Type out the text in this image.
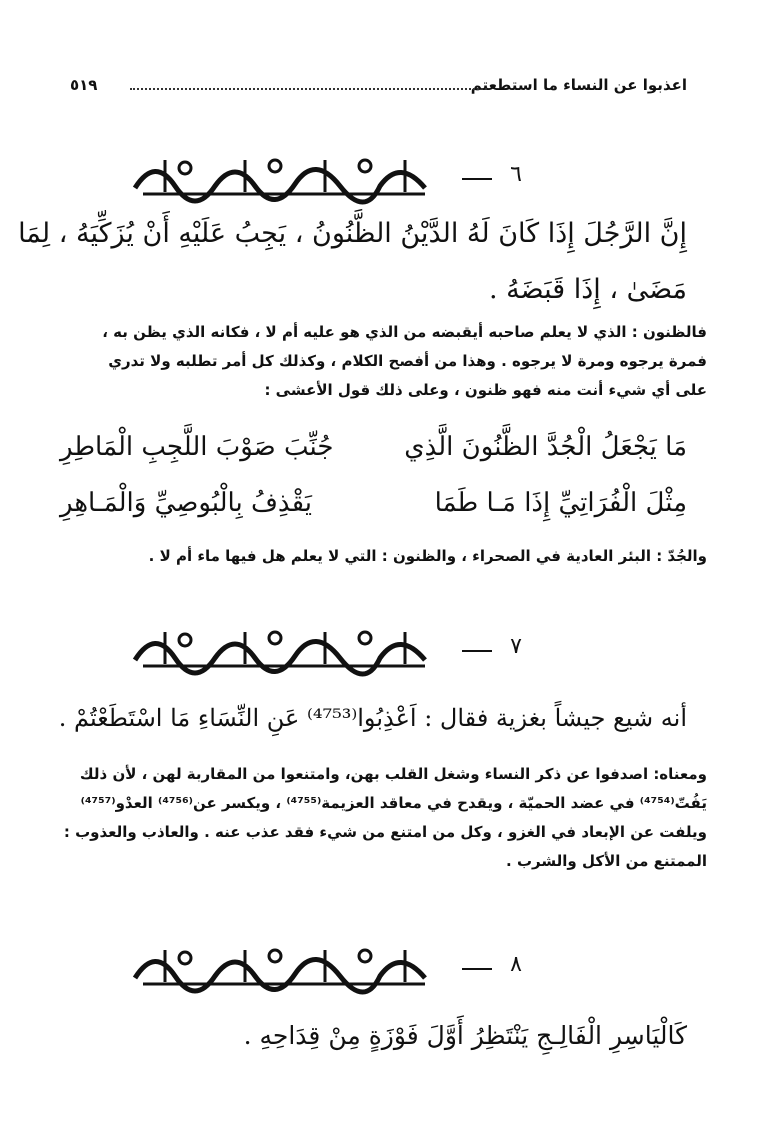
اعذبوا عن النساء ما استطعتم
٥١٩
٦
إِنَّ الرَّجُلَ إِذَا كَانَ لَهُ الدَّيْنُ الظَّنُونُ ، يَجِبُ عَلَيْهِ أَنْ يُزَكِّيَهُ ، لِمَا
مَضَىٰ ، إِذَا قَبَضَهُ .

فالظنون : الذي لا يعلم صاحبه أيقبضه من الذي هو عليه أم لا ، فكانه الذي يظن به ،

فمرة يرجوه ومرة لا يرجوه . وهذا من أفصح الكلام ، وكذلك كل أمر تطلبه ولا تدري

على أي شيء أنت منه فهو ظنون ، وعلى ذلك قول الأعشى :

مَا يَجْعَلُ الْجُدَّ الظَّنُونَ الَّذِي
جُنِّبَ صَوْبَ اللَّجِبِ الْمَاطِرِ
مِثْلَ الْفُرَاتِيِّ إِذَا مَـا طَمَا
يَقْذِفُ بِالْبُوصِيِّ وَالْمَـاهِرِ

والجُدّ : البئر العادية في الصحراء ، والظنون : التي لا يعلم هل فيها ماء أم لا .

٧
أنه شيع جيشاً بغزية فقال : اَعْذِبُوا⁽⁴⁷⁵³⁾ عَنِ النِّسَاءِ مَا اسْتَطَعْتُمْ .

ومعناه: اصدفوا عن ذكر النساء وشغل القلب بهن، وامتنعوا من المقاربة لهن ، لأن ذلك

يَفُتّ⁽⁴⁷⁵⁴⁾ في عضد الحميّة ، ويقدح في معاقد العزيمة⁽⁴⁷⁵⁵⁾ ، ويكسر عن⁽⁴⁷⁵⁶⁾ العدْو⁽⁴⁷⁵⁷⁾

ويلفت عن الإبعاد في الغزو ، وكل من امتنع من شيء فقد عذب عنه . والعاذب والعذوب :

الممتنع من الأكل والشرب .

٨
كَالْيَاسِرِ الْفَالِـجِ يَنْتَظِرُ أَوَّلَ فَوْزَةٍ مِنْ قِدَاحِهِ .
